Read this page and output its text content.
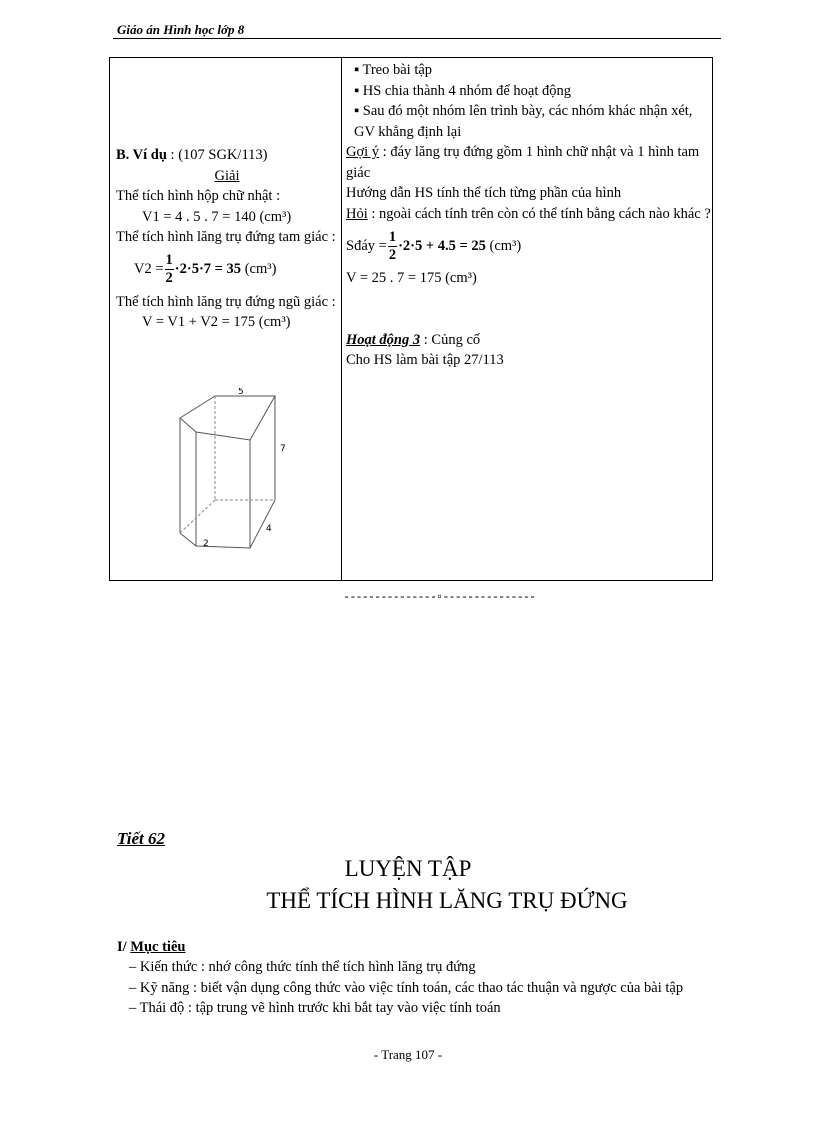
Giáo án Hình học lớp 8
B. Ví dụ : (107 SGK/113)
Giải
Thể tích hình hộp chữ nhật :
V1 = 4 . 5 . 7 = 140 (cm³)
Thể tích hình lăng trụ đứng tam giác :
$V2 = \frac{1}{2} \cdot 2\cdot 5\cdot 7 = 35$
(cm³)
Thể tích hình lăng trụ đứng ngũ giác :
V = V1 + V2 = 175 (cm³)
5
7
4
2
▪ Treo bài tập
▪ HS chia thành 4 nhóm để hoạt động
▪ Sau đó một nhóm lên trình bày, các nhóm khác nhận xét, GV khẳng định lại
Gợi ý : đáy lăng trụ đứng gồm 1 hình chữ nhật và 1 hình tam giác
Hướng dẫn HS tính thể tích từng phần của hình
Hỏi : ngoài cách tính trên còn có thể tính bằng cách nào khác ?
Sđáy = $\frac{1}{2} \cdot 2\cdot 5 + 4.5 = 25$
(cm³)
V = 25 . 7 = 175 (cm³)
Hoạt động 3 : Củng cố
Cho HS làm bài tập 27/113
---------------▫---------------
Tiết 62
LUYỆN TẬP
THỂ TÍCH HÌNH LĂNG TRỤ ĐỨNG
I/ Mục tiêu
– Kiến thức : nhớ công thức tính thể tích hình lăng trụ đứng
– Kỹ năng : biết vận dụng công thức vào việc tính toán, các thao tác thuận và ngược của bài tập
– Thái độ : tập trung vẽ hình trước khi bắt tay vào việc tính toán
- Trang 107 -
